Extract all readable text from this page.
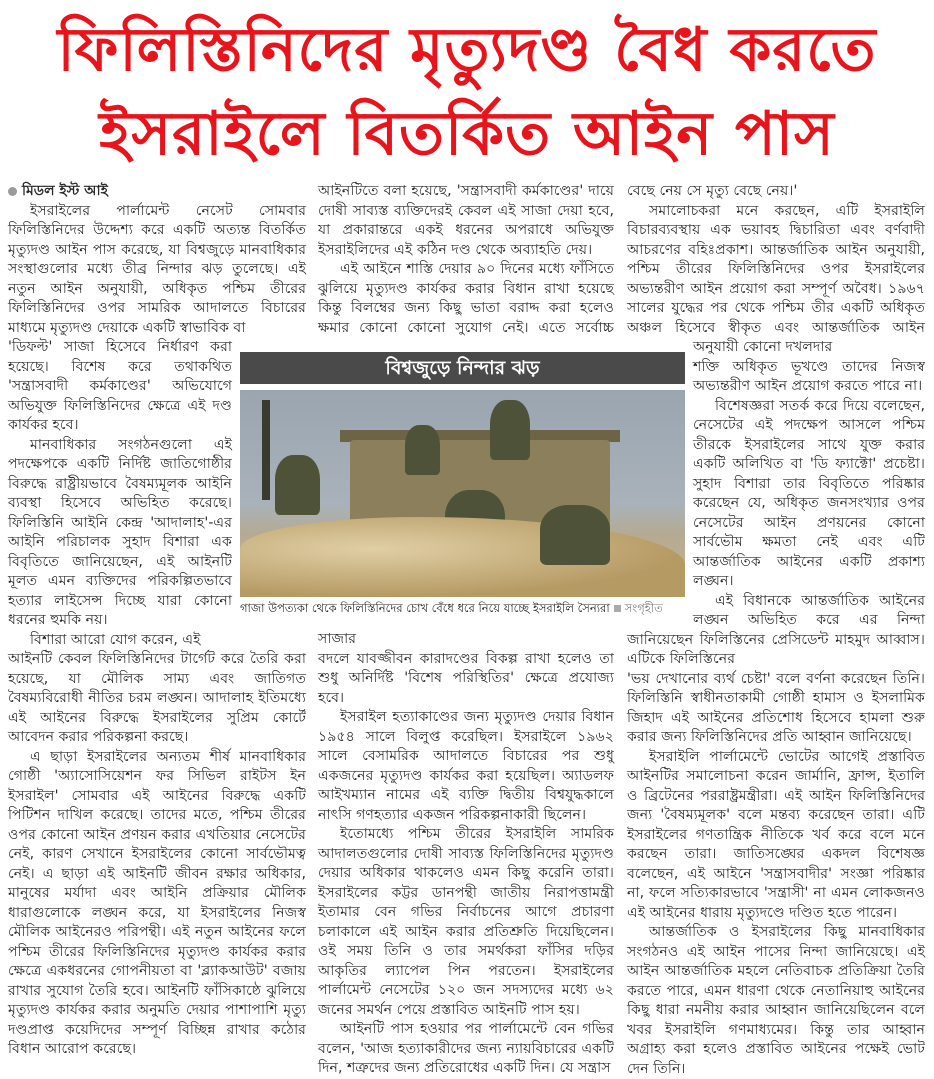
ফিলিস্তিনিদের মৃত্যুদণ্ড বৈধ করতে
ইসরাইলে বিতর্কিত আইন পাস
মিডল ইস্ট আই

ইসরাইলের পার্লামেন্ট নেসেট সোমবার ফিলিস্তিনিদের উদ্দেশ্য করে একটি অত্যন্ত বিতর্কিত মৃত্যুদণ্ড আইন পাস করেছে, যা বিশ্বজুড়ে মানবাধিকার সংস্থাগুলোর মধ্যে তীব্র নিন্দার ঝড় তুলেছে। এই নতুন আইন অনুযায়ী, অধিকৃত পশ্চিম তীরের ফিলিস্তিনিদের ওপর সামরিক আদালতে বিচারের মাধ্যমে মৃত্যুদণ্ড দেয়াকে একটি স্বাভাবিক বা

'ডিফল্ট' সাজা হিসেবে নির্ধারণ করা হয়েছে। বিশেষ করে তথাকথিত 'সন্ত্রাসবাদী কর্মকাণ্ডের' অভিযোগে অভিযুক্ত ফিলিস্তিনিদের ক্ষেত্রে এই দণ্ড কার্যকর হবে।

মানবাধিকার সংগঠনগুলো এই পদক্ষেপকে একটি নির্দিষ্ট জাতিগোষ্ঠীর বিরুদ্ধে রাষ্ট্রীয়ভাবে বৈষম্যমূলক আইনি ব্যবস্থা হিসেবে অভিহিত করেছে। ফিলিস্তিনি আইনি কেন্দ্র 'আদালাহ'-এর আইনি পরিচালক সুহাদ বিশারা এক বিবৃতিতে জানিয়েছেন, এই আইনটি মূলত এমন ব্যক্তিদের পরিকল্পিতভাবে হত্যার লাইসেন্স দিচ্ছে যারা কোনো ধরনের হুমকি নয়।

বিশারা আরো যোগ করেন, এই

আইনটি কেবল ফিলিস্তিনিদের টার্গেট করে তৈরি করা হয়েছে, যা মৌলিক সাম্য এবং জাতিগত বৈষম্যবিরোধী নীতির চরম লঙ্ঘন। আদালাহ ইতিমধ্যে এই আইনের বিরুদ্ধে ইসরাইলের সুপ্রিম কোর্টে আবেদন করার পরিকল্পনা করছে।

এ ছাড়া ইসরাইলের অন্যতম শীর্ষ মানবাধিকার গোষ্ঠী 'অ্যাসোসিয়েশন ফর সিভিল রাইটস ইন ইসরাইল' সোমবার এই আইনের বিরুদ্ধে একটি পিটিশন দাখিল করেছে। তাদের মতে, পশ্চিম তীরের ওপর কোনো আইন প্রণয়ন করার এখতিয়ার নেসেটের নেই, কারণ সেখানে ইসরাইলের কোনো সার্বভৌমত্ব নেই। এ ছাড়া এই আইনটি জীবন রক্ষার অধিকার, মানুষের মর্যাদা এবং আইনি প্রক্রিয়ার মৌলিক ধারাগুলোকে লঙ্ঘন করে, যা ইসরাইলের নিজস্ব মৌলিক আইনেরও পরিপন্থী। এই নতুন আইনের ফলে পশ্চিম তীরের ফিলিস্তিনিদের মৃত্যুদণ্ড কার্যকর করার ক্ষেত্রে একধরনের গোপনীয়তা বা 'ব্ল্যাকআউট' বজায় রাখার সুযোগ তৈরি হবে। আইনটি ফাঁসিকাষ্ঠে ঝুলিয়ে মৃত্যুদণ্ড কার্যকর করার অনুমতি দেয়ার পাশাপাশি মৃত্যু দণ্ডপ্রাপ্ত কয়েদিদের সম্পূর্ণ বিচ্ছিন্ন রাখার কঠোর বিধান আরোপ করেছে।

আইনটিতে বলা হয়েছে, 'সন্ত্রাসবাদী কর্মকাণ্ডের' দায়ে দোষী সাব্যস্ত ব্যক্তিদেরই কেবল এই সাজা দেয়া হবে, যা প্রকারান্তরে একই ধরনের অপরাধে অভিযুক্ত ইসরাইলিদের এই কঠিন দণ্ড থেকে অব্যাহতি দেয়।

এই আইনে শাস্তি দেয়ার ৯০ দিনের মধ্যে ফাঁসিতে ঝুলিয়ে মৃত্যুদণ্ড কার্যকর করার বিধান রাখা হয়েছে কিন্তু বিলম্বের জন্য কিছু ভাতা বরাদ্দ করা হলেও ক্ষমার কোনো কোনো সুযোগ নেই। এতে সর্বোচ্চ সাজার

বদলে যাবজ্জীবন কারাদণ্ডের বিকল্প রাখা হলেও তা শুধু অনির্দিষ্ট 'বিশেষ পরিস্থিতির' ক্ষেত্রে প্রযোজ্য হবে।

ইসরাইল হত্যাকাণ্ডের জন্য মৃত্যুদণ্ড দেয়ার বিধান ১৯৫৪ সালে বিলুপ্ত করেছিল। ইসরাইলে ১৯৬২ সালে বেসামরিক আদালতে বিচারের পর শুধু একজনের মৃত্যুদণ্ড কার্যকর করা হয়েছিল। অ্যাডলফ আইখম্যান নামের এই ব্যক্তি দ্বিতীয় বিশ্বযুদ্ধকালে নাৎসি গণহত্যার একজন পরিকল্পনাকারী ছিলেন।

ইতোমধ্যে পশ্চিম তীরের ইসরাইলি সামরিক আদালতগুলোর দোষী সাব্যস্ত ফিলিস্তিনিদের মৃত্যুদণ্ড দেয়ার অধিকার থাকলেও এমন কিছু করেনি তারা। ইসরাইলের কট্টর ডানপন্থী জাতীয় নিরাপত্তামন্ত্রী ইতামার বেন গভির নির্বাচনের আগে প্রচারণা চলাকালে এই আইন করার প্রতিশ্রুতি দিয়েছিলেন। ওই সময় তিনি ও তার সমর্থকরা ফাঁসির দড়ির আকৃতির ল্যাপেল পিন পরতেন। ইসরাইলের পার্লামেন্ট নেসেটের ১২০ জন সদস্যদের মধ্যে ৬২ জনের সমর্থন পেয়ে প্রস্তাবিত আইনটি পাস হয়।

আইনটি পাস হওয়ার পর পার্লামেন্টে বেন গভির বলেন, 'আজ হত্যাকারীদের জন্য ন্যায়বিচারের একটি দিন, শত্রুদের জন্য প্রতিরোধের একটি দিন। যে সন্ত্রাস

বেছে নেয় সে মৃত্যু বেছে নেয়।'

সমালোচকরা মনে করছেন, এটি ইসরাইলি বিচারব্যবস্থায় এক ভয়াবহ দ্বিচারিতা এবং বর্ণবাদী আচরণের বহিঃপ্রকাশ। আন্তর্জাতিক আইন অনুযায়ী, পশ্চিম তীরের ফিলিস্তিনিদের ওপর ইসরাইলের অভ্যন্তরীণ আইন প্রয়োগ করা সম্পূর্ণ অবৈধ। ১৯৬৭ সালের যুদ্ধের পর থেকে পশ্চিম তীর একটি অধিকৃত অঞ্চল হিসেবে স্বীকৃত এবং আন্তর্জাতিক আইন অনুযায়ী কোনো দখলদার

শক্তি অধিকৃত ভূখণ্ডে তাদের নিজস্ব অভ্যন্তরীণ আইন প্রয়োগ করতে পারে না।

বিশেষজ্ঞরা সতর্ক করে দিয়ে বলেছেন, নেসেটের এই পদক্ষেপ আসলে পশ্চিম তীরকে ইসরাইলের সাথে যুক্ত করার একটি অলিখিত বা 'ডি ফ্যাক্টো' প্রচেষ্টা। সুহাদ বিশারা তার বিবৃতিতে পরিষ্কার করেছেন যে, অধিকৃত জনসংখ্যার ওপর নেসেটের আইন প্রণয়নের কোনো সার্বভৌম ক্ষমতা নেই এবং এটি আন্তর্জাতিক আইনের একটি প্রকাশ্য লঙ্ঘন।

এই বিধানকে আন্তর্জাতিক আইনের লঙ্ঘন অভিহিত করে এর নিন্দা জানিয়েছেন ফিলিস্তিনের প্রেসিডেন্ট মাহমুদ আব্বাস। এটিকে ফিলিস্তিনের

'ভয় দেখানোর ব্যর্থ চেষ্টা' বলে বর্ণনা করেছেন তিনি। ফিলিস্তিনি স্বাধীনতাকামী গোষ্ঠী হামাস ও ইসলামিক জিহাদ এই আইনের প্রতিশোধ হিসেবে হামলা শুরু করার জন্য ফিলিস্তিনিদের প্রতি আহ্বান জানিয়েছে।

ইসরাইলি পার্লামেন্টে ভোটের আগেই প্রস্তাবিত আইনটির সমালোচনা করেন জার্মানি, ফ্রান্স, ইতালি ও ব্রিটেনের পররাষ্ট্রমন্ত্রীরা। এই আইন ফিলিস্তিনিদের জন্য 'বৈষম্যমূলক' বলে মন্তব্য করেছেন তারা। এটি ইসরাইলের গণতান্ত্রিক নীতিকে খর্ব করে বলে মনে করছেন তারা। জাতিসঙ্ঘের একদল বিশেষজ্ঞ বলেছেন, এই আইনে 'সন্ত্রাসবাদীর' সংজ্ঞা পরিষ্কার না, ফলে সত্যিকারভাবে 'সন্ত্রাসী' না এমন লোকজনও এই আইনের ধারায় মৃত্যুদণ্ডে দণ্ডিত হতে পারেন।

আন্তর্জাতিক ও ইসরাইলের কিছু মানবাধিকার সংগঠনও এই আইন পাসের নিন্দা জানিয়েছে। এই আইন আন্তর্জাতিক মহলে নেতিবাচক প্রতিক্রিয়া তৈরি করতে পারে, এমন ধারণা থেকে নেতানিয়াহু আইনের কিছু ধারা নমনীয় করার আহ্বান জানিয়েছিলেন বলে খবর ইসরাইলি গণমাধ্যমের। কিন্তু তার আহ্বান অগ্রাহ্য করা হলেও প্রস্তাবিত আইনের পক্ষেই ভোট দেন তিনি।

বিশ্বজুড়ে নিন্দার ঝড়
গাজা উপত্যকা থেকে ফিলিস্তিনিদের চোখ বেঁধে ধরে নিয়ে যাচ্ছে ইসরাইলি সৈন্যরা সংগৃহীত
